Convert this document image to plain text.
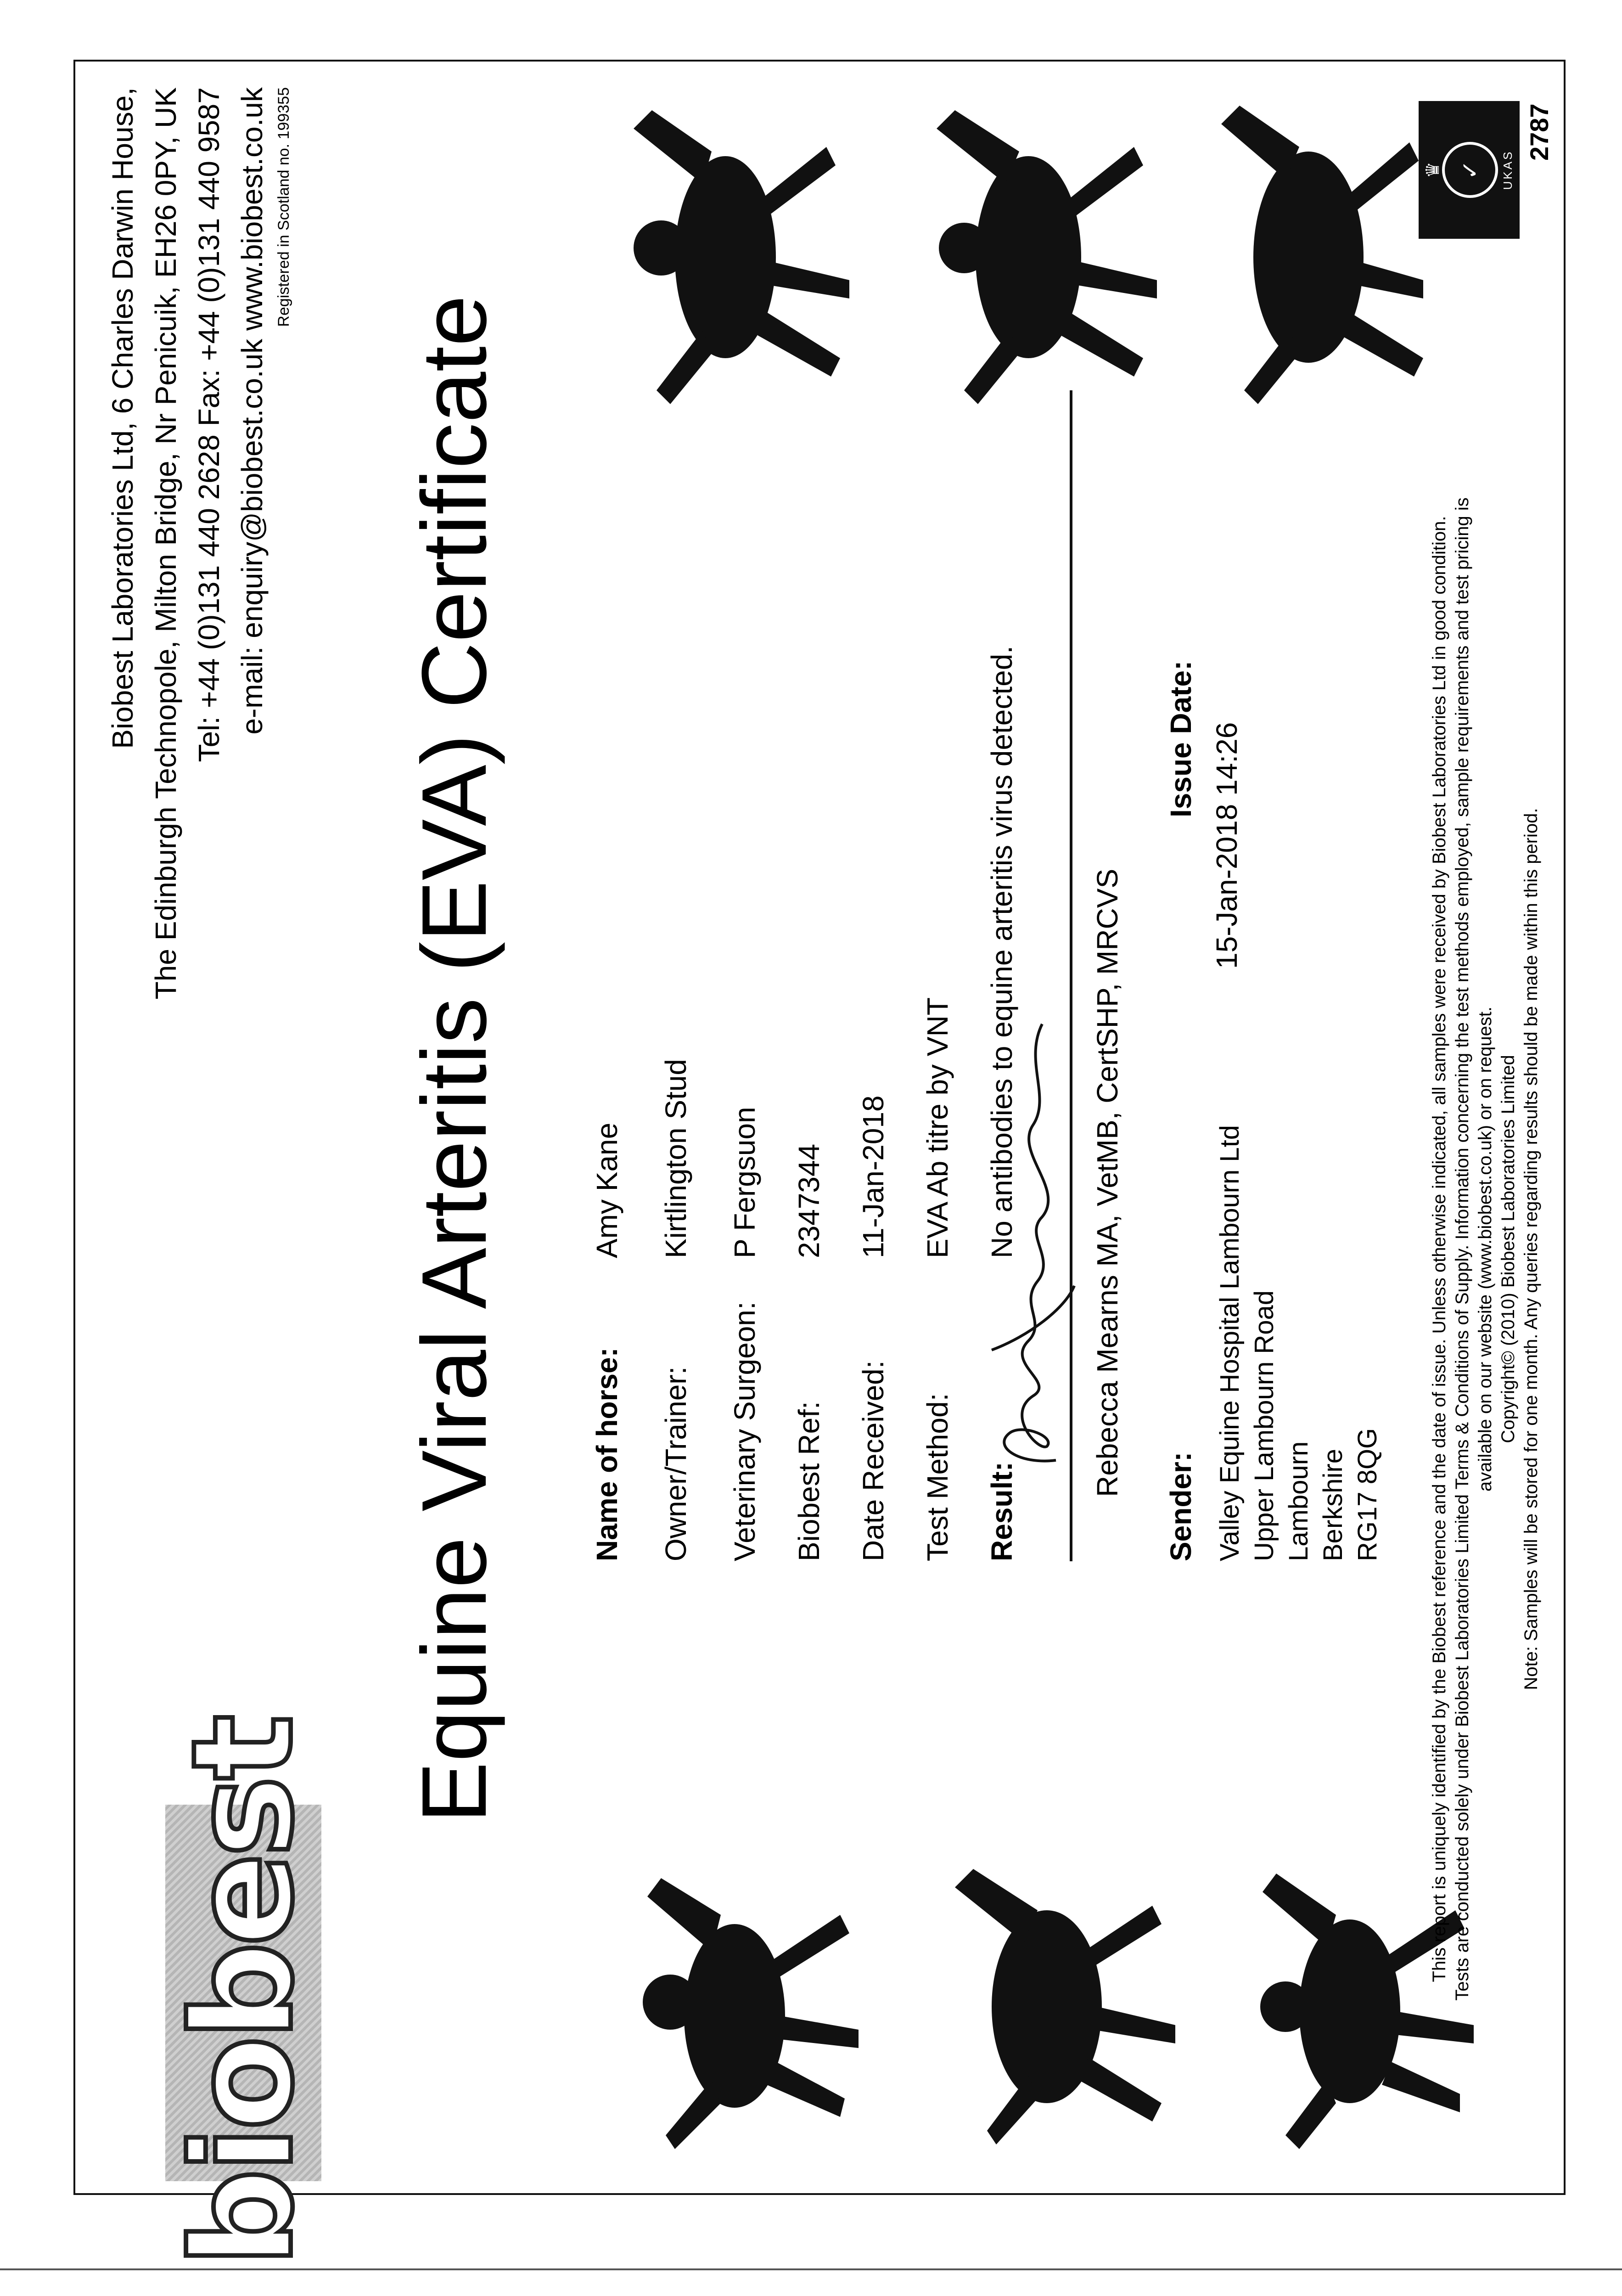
biobest
Biobest Laboratories Ltd, 6 Charles Darwin House, The Edinburgh Technopole, Milton Bridge, Nr Penicuik, EH26 0PY, UK Tel: +44 (0)131 440 2628 Fax: +44 (0)131 440 9587 e-mail: enquiry@biobest.co.uk www.biobest.co.uk Registered in Scotland no. 199355
Equine Viral Arteritis (EVA) Certificate	Name of horse:
Amy Kane
Owner/Trainer:
Kirtlington Stud
Veterinary Surgeon:
P Fergsuon
Biobest Ref:
2347344
Date Received:
11-Jan-2018
Test Method:
EVA Ab titre by VNT
Result:
No antibodies to equine arteritis virus detected. Rebecca Mearns MA, VetMB, CertSHP, MRCVS
Sender: Valley Equine Hospital Lambourn Ltd Upper Lambourn Road Lambourn Berkshire RG17 8QG
Issue Date: 15-Jan-2018 14:26	This report is uniquely identified by the Biobest reference and the date of issue. Unless otherwise indicated, all samples were received by Biobest Laboratories Ltd in good condition. Tests are conducted solely under Biobest Laboratories Limited Terms & Conditions of Supply. Information concerning the test methods employed, sample requirements and test pricing is available on our website (www.biobest.co.uk) or on request. Copyright© (2010) Biobest Laboratories Limited Note: Samples will be stored for one month. Any queries regarding results should be made within this period.
♛ ✓	UKAS
2787
